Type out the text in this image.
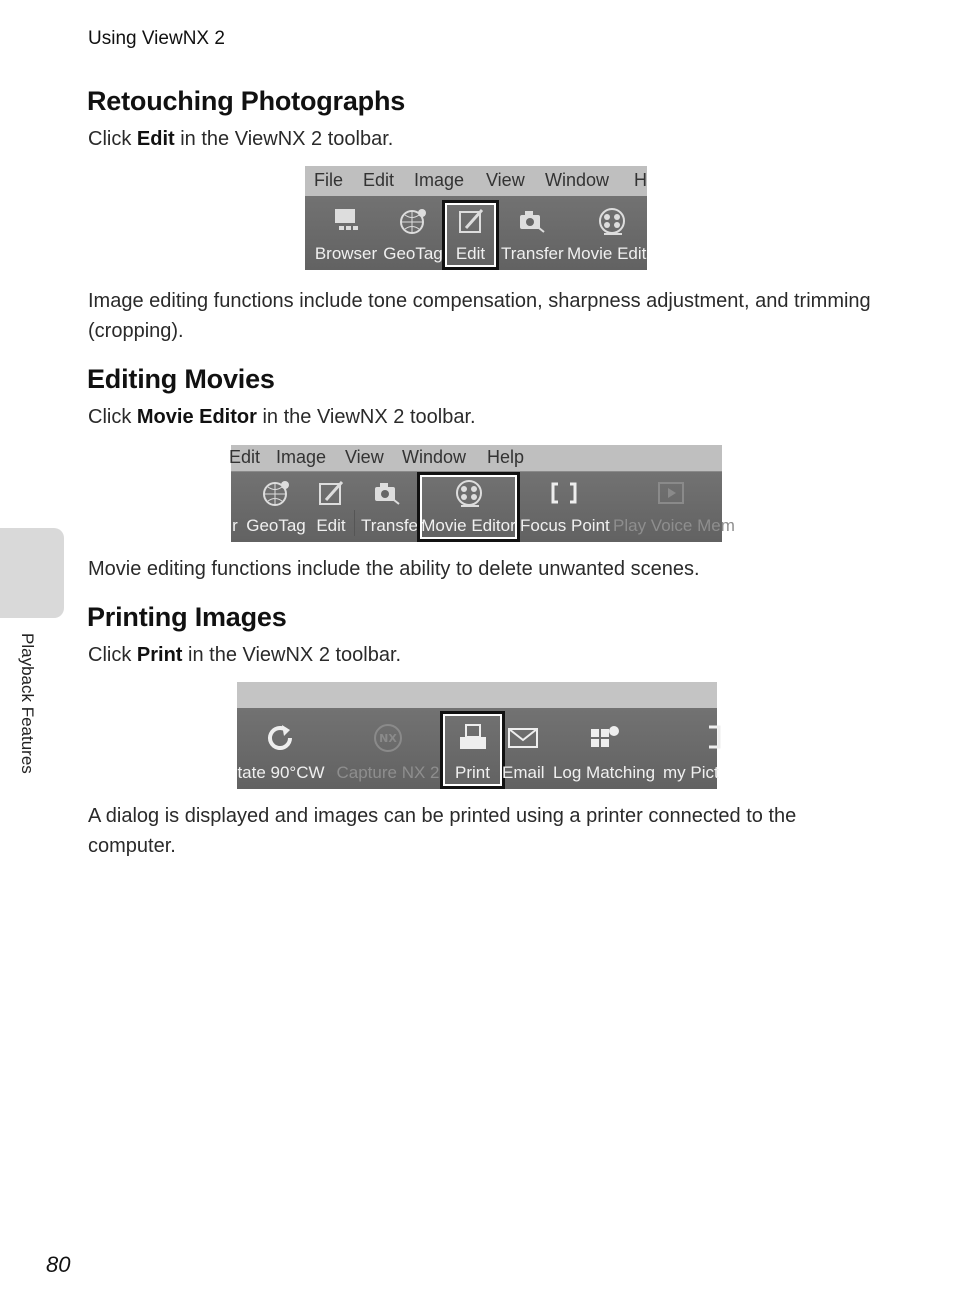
Using ViewNX 2
Retouching Photographs

Click Edit in the ViewNX 2 toolbar.

File Edit Image View Window H
Browser GeoTag Edit Transfer Movie Edit

Image editing functions include tone compensation, sharpness adjustment, and trimming (cropping).

Editing Movies

Click Movie Editor in the ViewNX 2 toolbar.

Edit Image View Window Help
r GeoTag Edit Transfer
Movie Editor Focus Point Play Voice Mem

Movie editing functions include the ability to delete unwanted scenes.

Printing Images

Click Print in the ViewNX 2 toolbar.

tate 90°CW
NX
Capture NX 2 Print Email Log Matching my Pict

A dialog is displayed and images can be printed using a printer connected to the computer.

Playback Features
80
